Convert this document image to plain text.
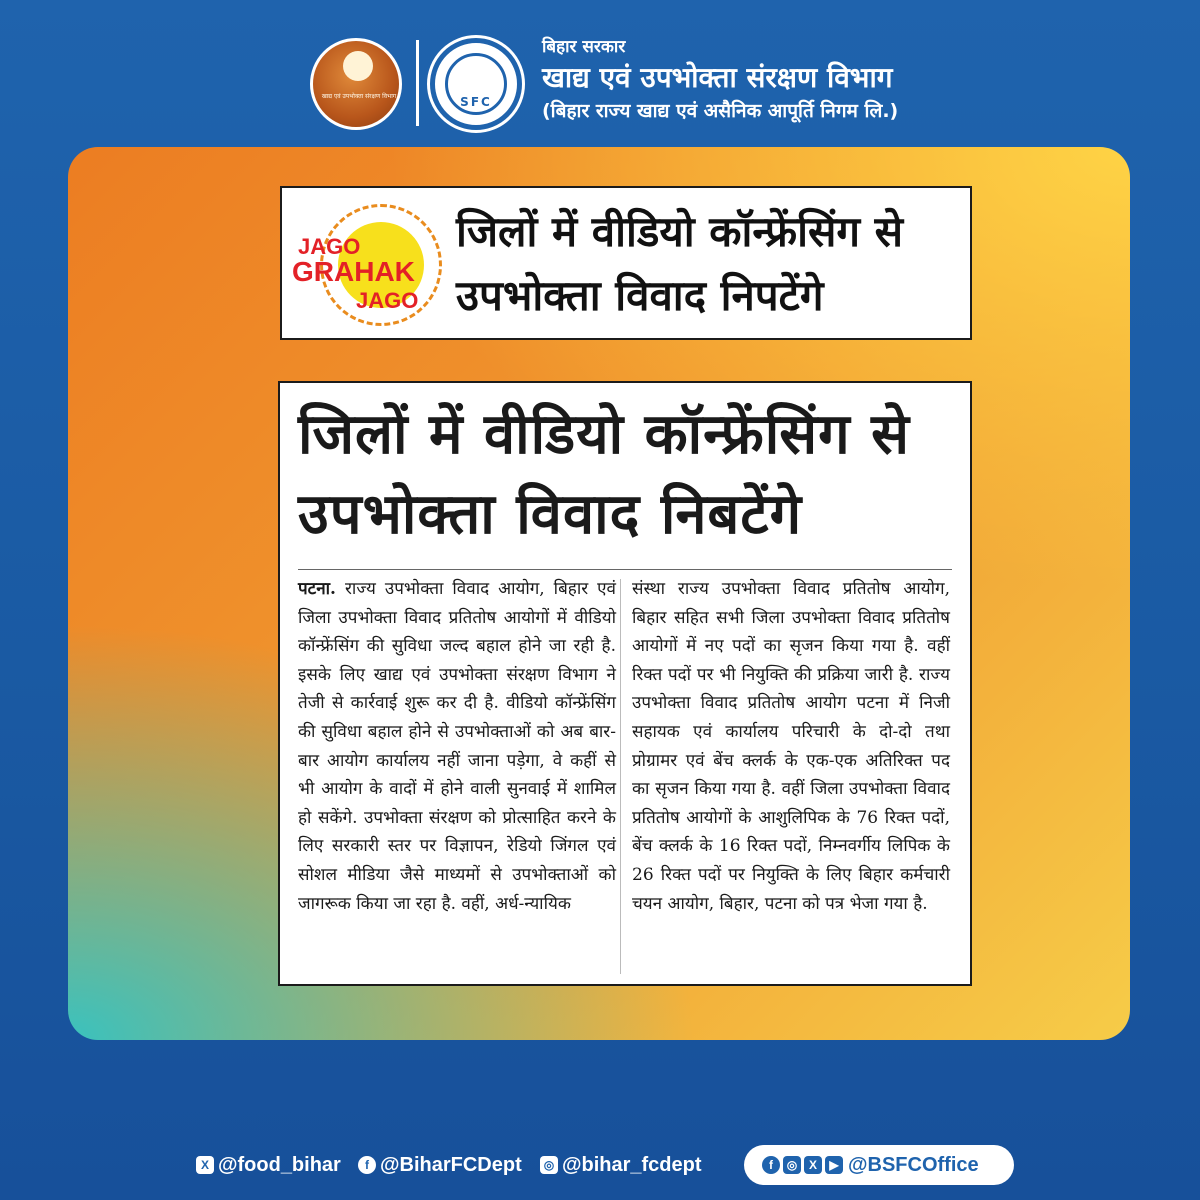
खाद्य एवं उपभोक्ता संरक्षण विभाग	SFC
बिहार सरकार
खाद्य एवं उपभोक्ता संरक्षण विभाग
(बिहार राज्य खाद्य एवं असैनिक आपूर्ति निगम लि.)
JAGO
GRAHAK
JAGO
जिलों में वीडियो कॉन्फ्रेंसिंग से उपभोक्ता विवाद निपटेंगे
जिलों में वीडियो कॉन्फ्रेंसिंग से उपभोक्ता विवाद निबटेंगे
पटना. राज्य उपभोक्ता विवाद आयोग, बिहार एवं जिला उपभोक्ता विवाद प्रतितोष आयोगों में वीडियो कॉन्फ्रेंसिंग की सुविधा जल्द बहाल होने जा रही है. इसके लिए खाद्य एवं उपभोक्ता संरक्षण विभाग ने तेजी से कार्रवाई शुरू कर दी है. वीडियो कॉन्फ्रेंसिंग की सुविधा बहाल होने से उपभोक्ताओं को अब बार-बार आयोग कार्यालय नहीं जाना पड़ेगा, वे कहीं से भी आयोग के वादों में होने वाली सुनवाई में शामिल हो सकेंगे. उपभोक्ता संरक्षण को प्रोत्साहित करने के लिए सरकारी स्तर पर विज्ञापन, रेडियो जिंगल एवं सोशल मीडिया जैसे माध्यमों से उपभोक्ताओं को जागरूक किया जा रहा है. वहीं, अर्ध-न्यायिक
संस्था राज्य उपभोक्ता विवाद प्रतितोष आयोग, बिहार सहित सभी जिला उपभोक्ता विवाद प्रतितोष आयोगों में नए पदों का सृजन किया गया है. वहीं रिक्त पदों पर भी नियुक्ति की प्रक्रिया जारी है. राज्य उपभोक्ता विवाद प्रतितोष आयोग पटना में निजी सहायक एवं कार्यालय परिचारी के दो-दो तथा प्रोग्रामर एवं बेंच क्लर्क के एक-एक अतिरिक्त पद का सृजन किया गया है. वहीं जिला उपभोक्ता विवाद प्रतितोष आयोगों के आशुलिपिक के 76 रिक्त पदों, बेंच क्लर्क के 16 रिक्त पदों, निम्नवर्गीय लिपिक के 26 रिक्त पदों पर नियुक्ति के लिए बिहार कर्मचारी चयन आयोग, बिहार, पटना को पत्र भेजा गया है.
X @food_bihar	f @BiharFCDept	◎ @bihar_fcdept	f	◎ X	▶ @BSFCOffice
